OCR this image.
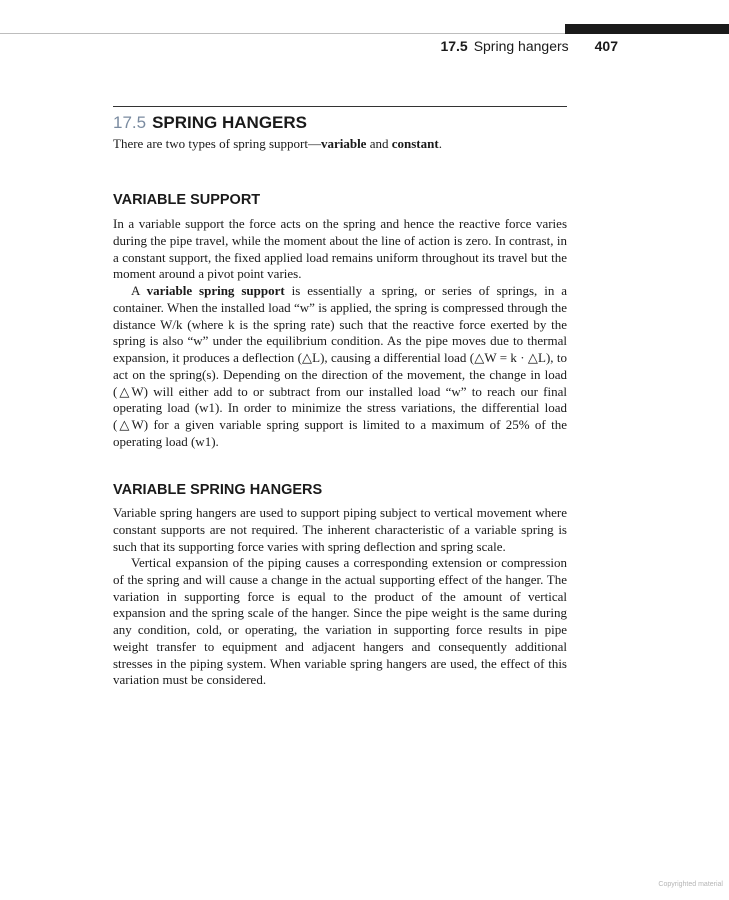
17.5 Spring hangers 407
17.5 SPRING HANGERS
There are two types of spring support—variable and constant.
VARIABLE SUPPORT

In a variable support the force acts on the spring and hence the reactive force varies during the pipe travel, while the moment about the line of action is zero. In contrast, in a constant support, the fixed applied load remains uniform throughout its travel but the moment around a pivot point varies.

A variable spring support is essentially a spring, or series of springs, in a container. When the installed load “w” is applied, the spring is compressed through the distance W/k (where k is the spring rate) such that the reactive force exerted by the spring is also “w” under the equilibrium condition. As the pipe moves due to thermal expansion, it produces a deflection (△L), causing a differential load (△W = k · △L), to act on the spring(s). Depending on the direction of the movement, the change in load (△W) will either add to or subtract from our installed load “w” to reach our final operating load (w1). In order to minimize the stress variations, the differential load (△W) for a given variable spring support is limited to a maximum of 25% of the operating load (w1).

VARIABLE SPRING HANGERS

Variable spring hangers are used to support piping subject to vertical movement where constant supports are not required. The inherent characteristic of a variable spring is such that its supporting force varies with spring deflection and spring scale.

Vertical expansion of the piping causes a corresponding extension or compression of the spring and will cause a change in the actual supporting effect of the hanger. The variation in supporting force is equal to the product of the amount of vertical expansion and the spring scale of the hanger. Since the pipe weight is the same during any condition, cold, or operating, the variation in supporting force results in pipe weight transfer to equipment and adjacent hangers and consequently additional stresses in the piping system. When variable spring hangers are used, the effect of this variation must be considered.

Copyrighted material
